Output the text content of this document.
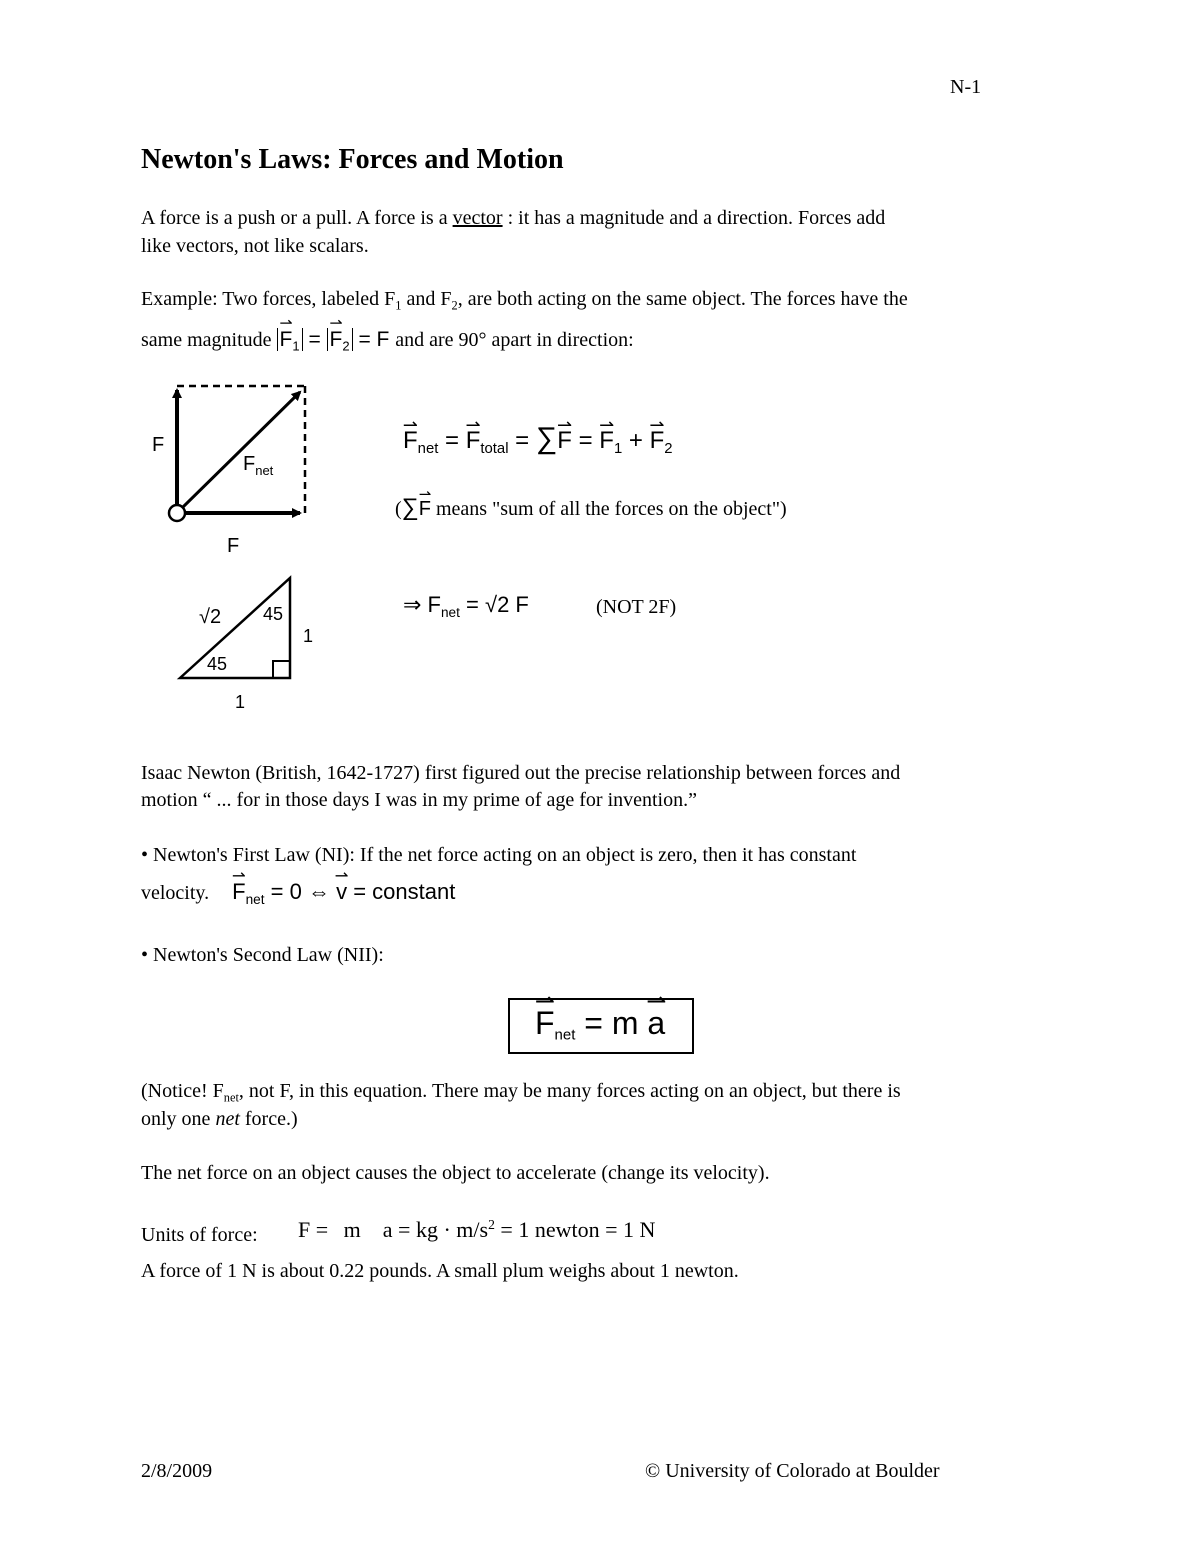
N-1
Newton's Laws: Forces and Motion
A force is a push or a pull. A force is a vector : it has a magnitude and a direction. Forces add
like vectors, not like scalars.
Example: Two forces, labeled $F_1$ and $F_2$, are both acting on the same object. The forces have the
same magnitude ⇀ $F_1$ = ⇀ $F_2 = F$ and are 90° apart in direction:
F
F
$F_{net}$
√2 45
45
1
1
⇀ $F_{net}$ = ⇀ $F_{total}$ = ∑⇀ F = ⇀ $F_1$ + ⇀ $F_2$
(∑⇀ F means "sum of all the forces on the object")
⇒ $F_{net} = √2$ F	(NOT 2F)
Isaac Newton (British, 1642-1727) first figured out the precise relationship between forces and
motion “ ... for in those days I was in my prime of age for invention.”
• Newton's First Law (NI): If the net force acting on an object is zero, then it has constant
velocity. ⇀ $F_{net} = 0$ ⇔ ⇀ v = constant
• Newton's Second Law (NII):
⇀ $F_{net} = m$ ⇀ a
(Notice! $F_{net}$, not F, in this equation. There may be many forces acting on an object, but there is
only one net force.)
The net force on an object causes the object to accelerate (change its velocity).
Units of force: F = m a = kg · $m/s^2 = 1$ newton = 1 N
A force of 1 N is about 0.22 pounds. A small plum weighs about 1 newton.
2/8/2009	© University of Colorado at Boulder
